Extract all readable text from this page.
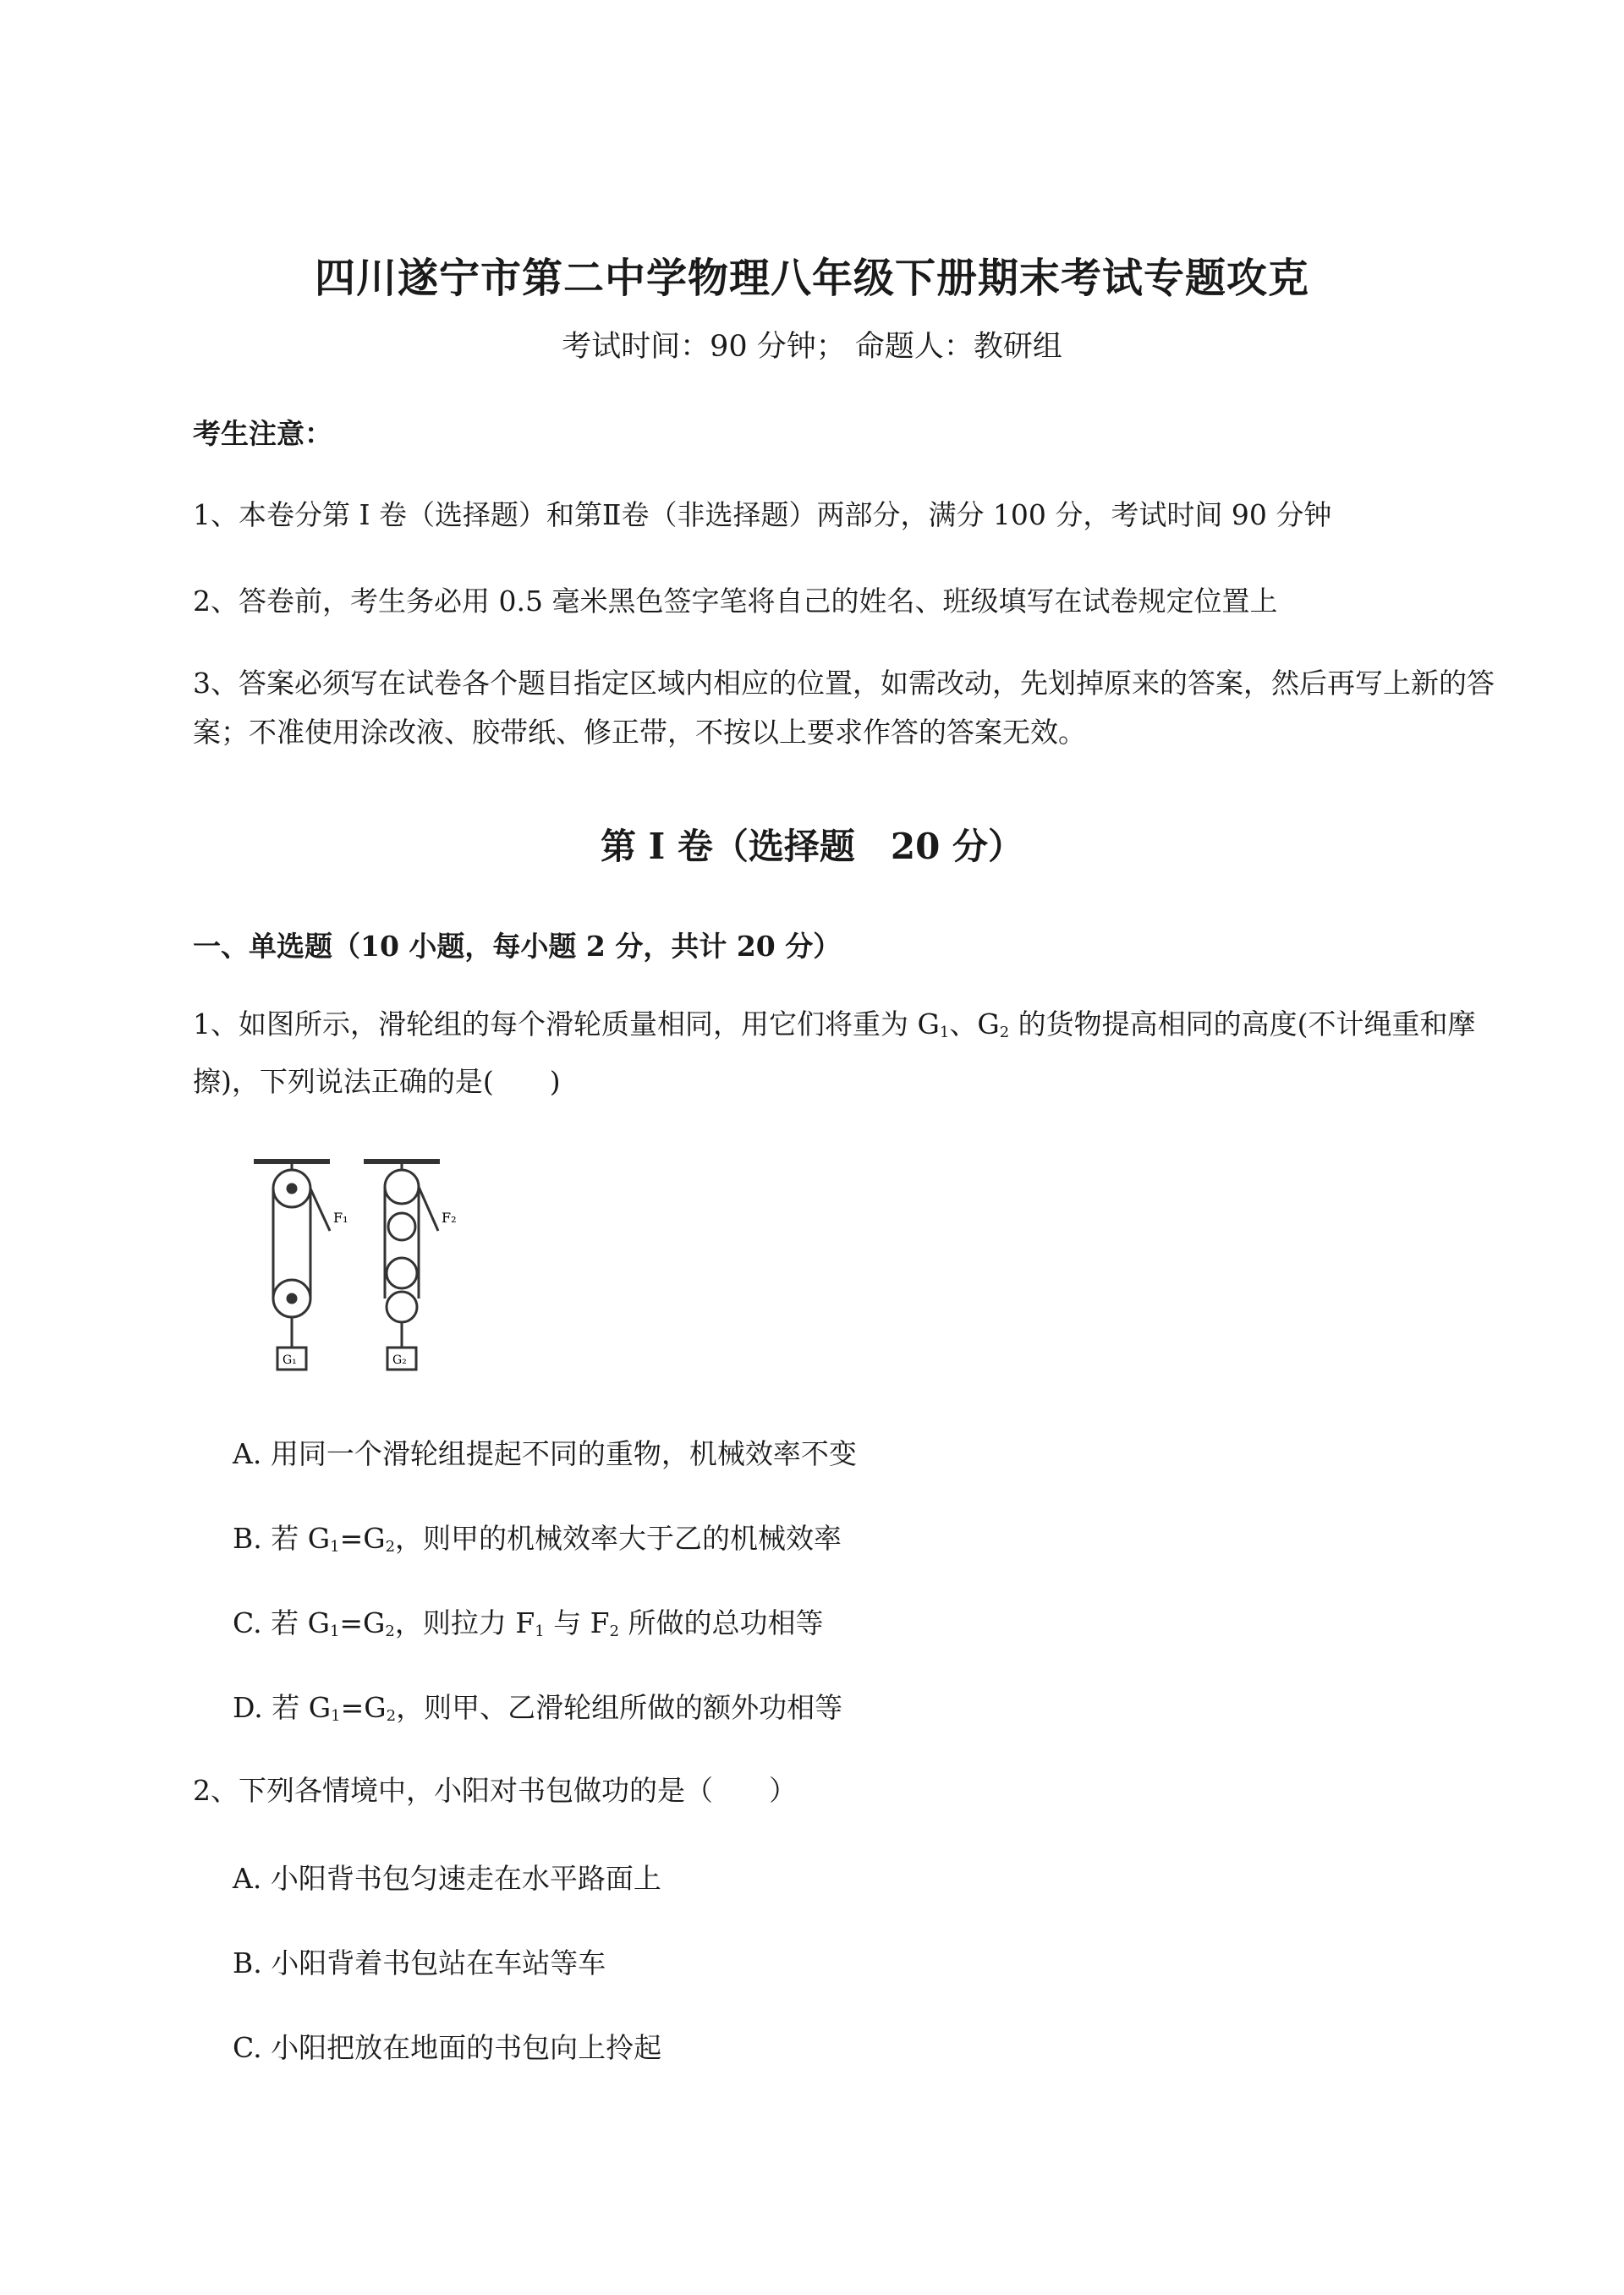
四川遂宁市第二中学物理八年级下册期末考试专题攻克
考试时间：90 分钟； 命题人：教研组
考生注意：
1、本卷分第 I 卷（选择题）和第Ⅱ卷（非选择题）两部分，满分 100 分，考试时间 90 分钟
2、答卷前，考生务必用 0.5 毫米黑色签字笔将自己的姓名、班级填写在试卷规定位置上
3、答案必须写在试卷各个题目指定区域内相应的位置，如需改动，先划掉原来的答案，然后再写上新的答案；不准使用涂改液、胶带纸、修正带，不按以上要求作答的答案无效。
第 I 卷（选择题　20 分）
一、单选题（10 小题，每小题 2 分，共计 20 分）
1、如图所示，滑轮组的每个滑轮质量相同，用它们将重为 $G_1$、$G_2$ 的货物提高相同的高度(不计绳重和摩擦)，下列说法正确的是(　　)
F₁	F₂
G₁	G₂
A. 用同一个滑轮组提起不同的重物，机械效率不变
B. 若 $G_1=G_2$，则甲的机械效率大于乙的机械效率
C. 若 $G_1=G_2$，则拉力 $F_1$ 与 $F_2$ 所做的总功相等
D. 若 $G_1=G_2$，则甲、乙滑轮组所做的额外功相等
2、下列各情境中，小阳对书包做功的是（　　）
A. 小阳背书包匀速走在水平路面上
B. 小阳背着书包站在车站等车
C. 小阳把放在地面的书包向上拎起
